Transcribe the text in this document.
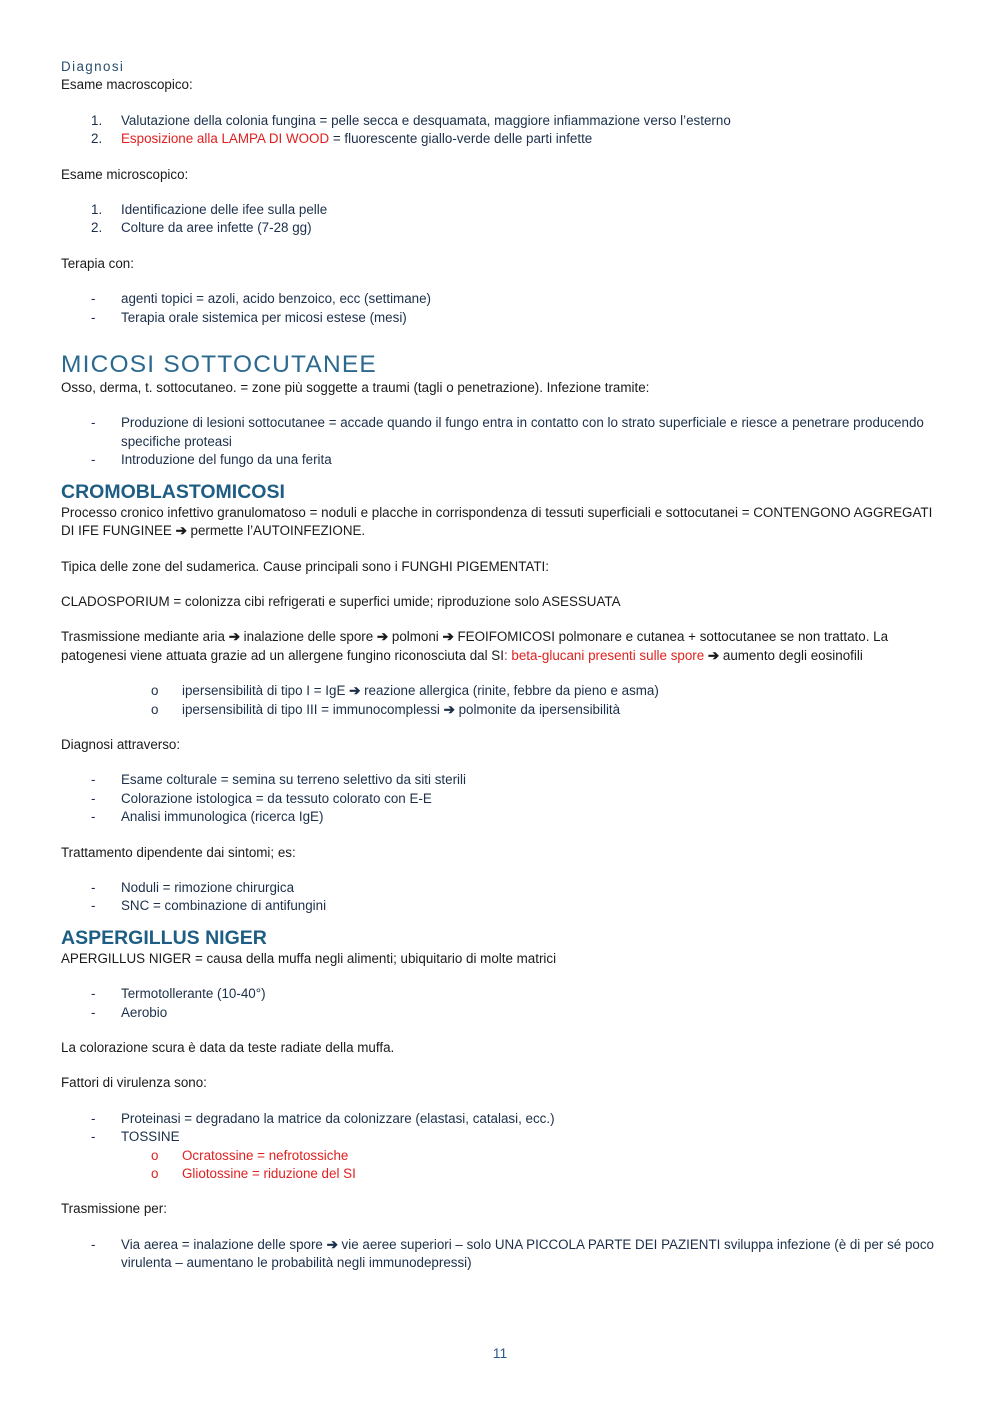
Diagnosi

Esame macroscopico:

1. Valutazione della colonia fungina = pelle secca e desquamata, maggiore infiammazione verso l’esterno
2. Esposizione alla LAMPA DI WOOD = fluorescente giallo-verde delle parti infette

Esame microscopico:

1. Identificazione delle ifee sulla pelle
2. Colture da aree infette (7-28 gg)

Terapia con:

- agenti topici = azoli, acido benzoico, ecc (settimane)
- Terapia orale sistemica per micosi estese (mesi)

MICOSI SOTTOCUTANEE

Osso, derma, t. sottocutaneo. = zone più soggette a traumi (tagli o penetrazione). Infezione tramite:

- Produzione di lesioni sottocutanee = accade quando il fungo entra in contatto con lo strato superficiale e riesce a penetrare producendo specifiche proteasi
- Introduzione del fungo da una ferita

CROMOBLASTOMICOSI

Processo cronico infettivo granulomatoso = noduli e placche in corrispondenza di tessuti superficiali e sottocutanei = CONTENGONO AGGREGATI DI IFE FUNGINEE ➔ permette l’AUTOINFEZIONE.

Tipica delle zone del sudamerica. Cause principali sono i FUNGHI PIGEMENTATI:

CLADOSPORIUM = colonizza cibi refrigerati e superfici umide; riproduzione solo ASESSUATA

Trasmissione mediante aria ➔ inalazione delle spore ➔ polmoni ➔ FEOIFOMICOSI polmonare e cutanea + sottocutanee se non trattato. La patogenesi viene attuata grazie ad un allergene fungino riconosciuta dal SI: beta-glucani presenti sulle spore ➔ aumento degli eosinofili

o ipersensibilità di tipo I = IgE ➔ reazione allergica (rinite, febbre da pieno e asma)
o ipersensibilità di tipo III = immunocomplessi ➔ polmonite da ipersensibilità

Diagnosi attraverso:

- Esame colturale = semina su terreno selettivo da siti sterili
- Colorazione istologica = da tessuto colorato con E-E
- Analisi immunologica (ricerca IgE)

Trattamento dipendente dai sintomi; es:

- Noduli = rimozione chirurgica
- SNC = combinazione di antifungini

ASPERGILLUS NIGER

APERGILLUS NIGER = causa della muffa negli alimenti; ubiquitario di molte matrici

- Termotollerante (10-40°)
- Aerobio

La colorazione scura è data da teste radiate della muffa.

Fattori di virulenza sono:

- Proteinasi = degradano la matrice da colonizzare (elastasi, catalasi, ecc.)
- TOSSINE
o Ocratossine = nefrotossiche
o Gliotossine = riduzione del SI

Trasmissione per:

- Via aerea = inalazione delle spore ➔ vie aeree superiori – solo UNA PICCOLA PARTE DEI PAZIENTI sviluppa infezione (è di per sé poco virulenta – aumentano le probabilità negli immunodepressi)
11
